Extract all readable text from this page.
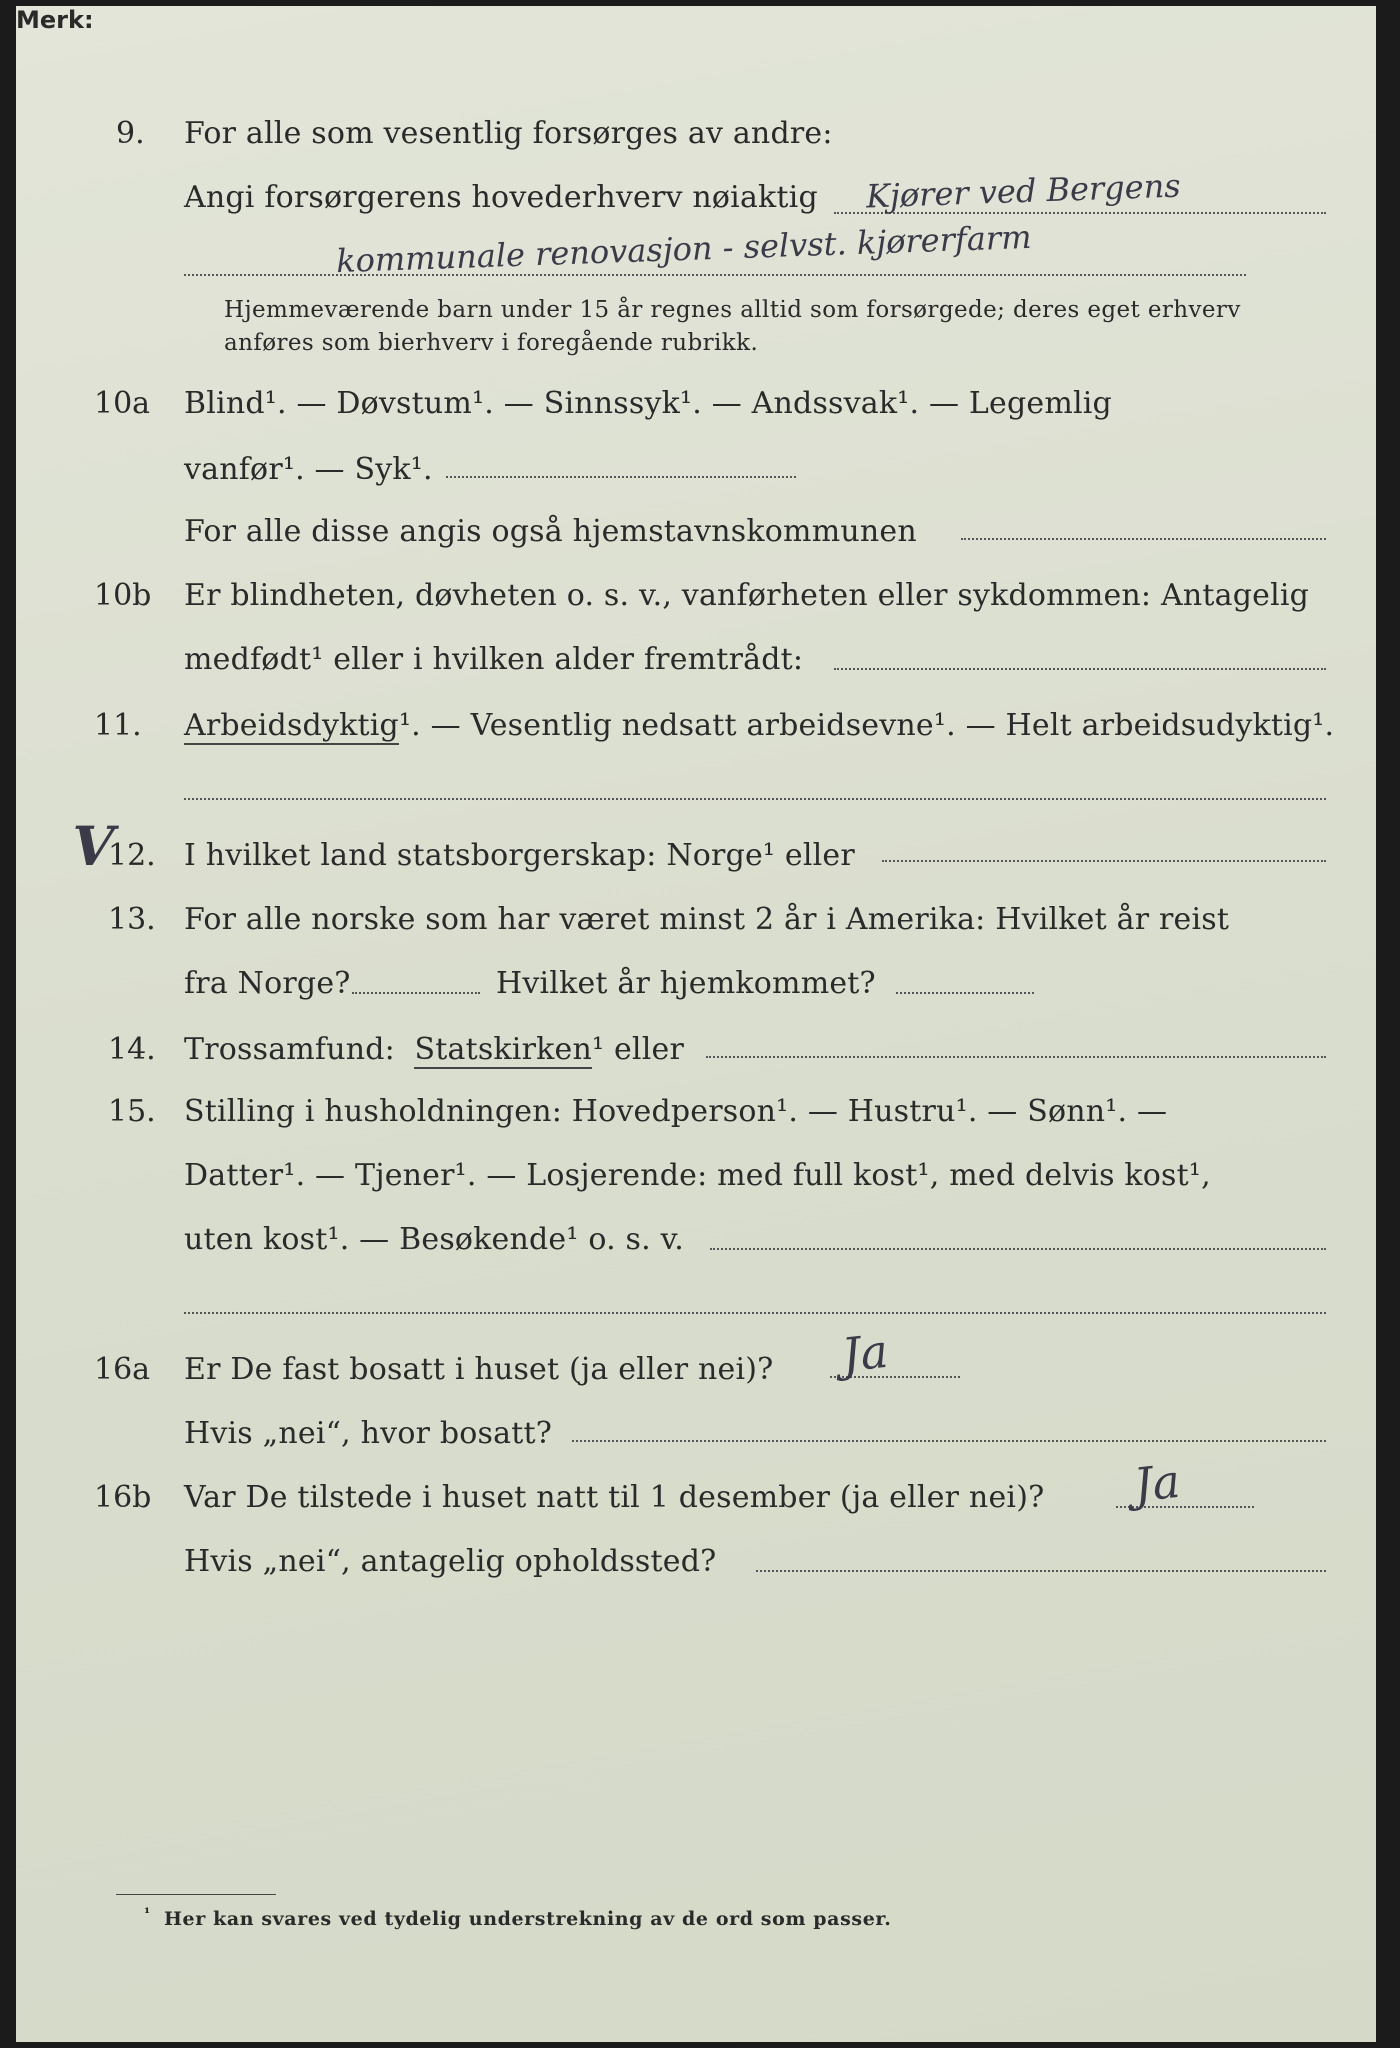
9. For alle som vesentlig forsørges av andre:
Angi forsørgerens hovederhverv nøiaktig Kjører ved Bergens
kommunale renovasjon - selvst. kjørerfarm
Merk:
Hjemmeværende barn under 15 år regnes alltid som forsørgede; deres eget erhverv
anføres som bierhverv i foregående rubrikk.
10a Blind¹. — Døvstum¹. — Sinnssyk¹. — Andssvak¹. — Legemlig
vanfør¹. — Syk¹.
For alle disse angis også hjemstavnskommunen
10b Er blindheten, døvheten o. s. v., vanførheten eller sykdommen: Antagelig
medfødt¹ eller i hvilken alder fremtrådt:
11. Arbeidsdyktig¹. — Vesentlig nedsatt arbeidsevne¹. — Helt arbeidsudyktig¹.
V
12. I hvilket land statsborgerskap: Norge¹ eller
13. For alle norske som har været minst 2 år i Amerika: Hvilket år reist
fra Norge?	Hvilket år hjemkommet?
14. Trossamfund: Statskirken¹ eller
15. Stilling i husholdningen: Hovedperson¹. — Hustru¹. — Sønn¹. —
Datter¹. — Tjener¹. — Losjerende: med full kost¹, med delvis kost¹,
uten kost¹. — Besøkende¹ o. s. v.
16a Er De fast bosatt i huset (ja eller nei)? Ja
Hvis „nei“, hvor bosatt?
16b Var De tilstede i huset natt til 1 desember (ja eller nei)? Ja
Hvis „nei“, antagelig opholdssted?
¹ Her kan svares ved tydelig understrekning av de ord som passer.
